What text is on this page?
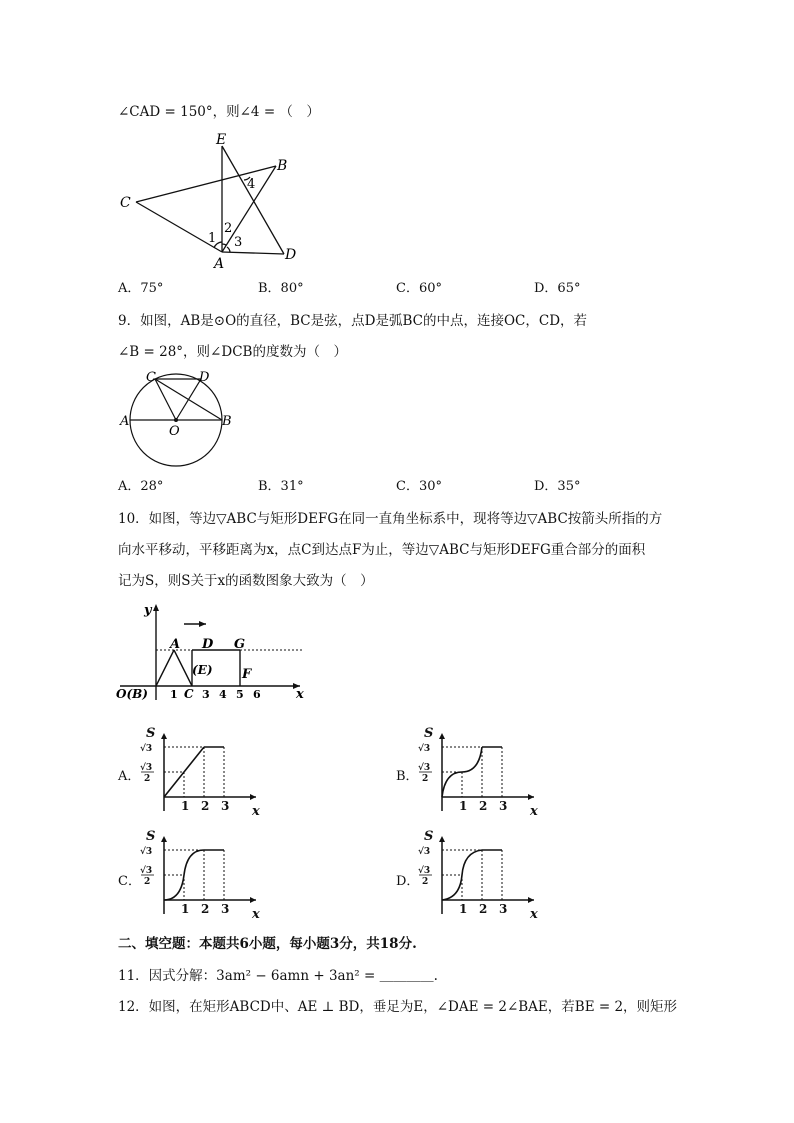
∠CAD = 150°，则∠4 = （　）
E
B
C
A
D
1
2
3
4
A．75°	B．80°	C．60°	D．65°
9．如图，AB是⊙O的直径，BC是弦，点D是弧BC的中点，连接OC，CD，若
∠B = 28°，则∠DCB的度数为（　）
C	D
A	B
O
A．28°	B．31°	C．30°	D．35°
10．如图，等边▽ABC与矩形DEFG在同一直角坐标系中，现将等边▽ABC按箭头所指的方
向水平移动，平移距离为x，点C到达点F为止，等边▽ABC与矩形DEFG重合部分的面积
记为S，则S关于x的函数图象大致为（　）
y
A D G
(E) F
O(B) 1 C 3 4 5 6	x
A．	B．
C．	D．
S
√3
√3
2
1 2 3 x
S
√3
√3
2
1 2 3 x
S
√3
√3
2
1 2 3 x
S
√3
√3
2
1 2 3 x
二、填空题：本题共6小题，每小题3分，共18分.
11．因式分解：3am² − 6amn + 3an² = ＿＿＿＿.
12．如图，在矩形ABCD中、AE ⊥ BD，垂足为E，∠DAE = 2∠BAE，若BE = 2，则矩形
